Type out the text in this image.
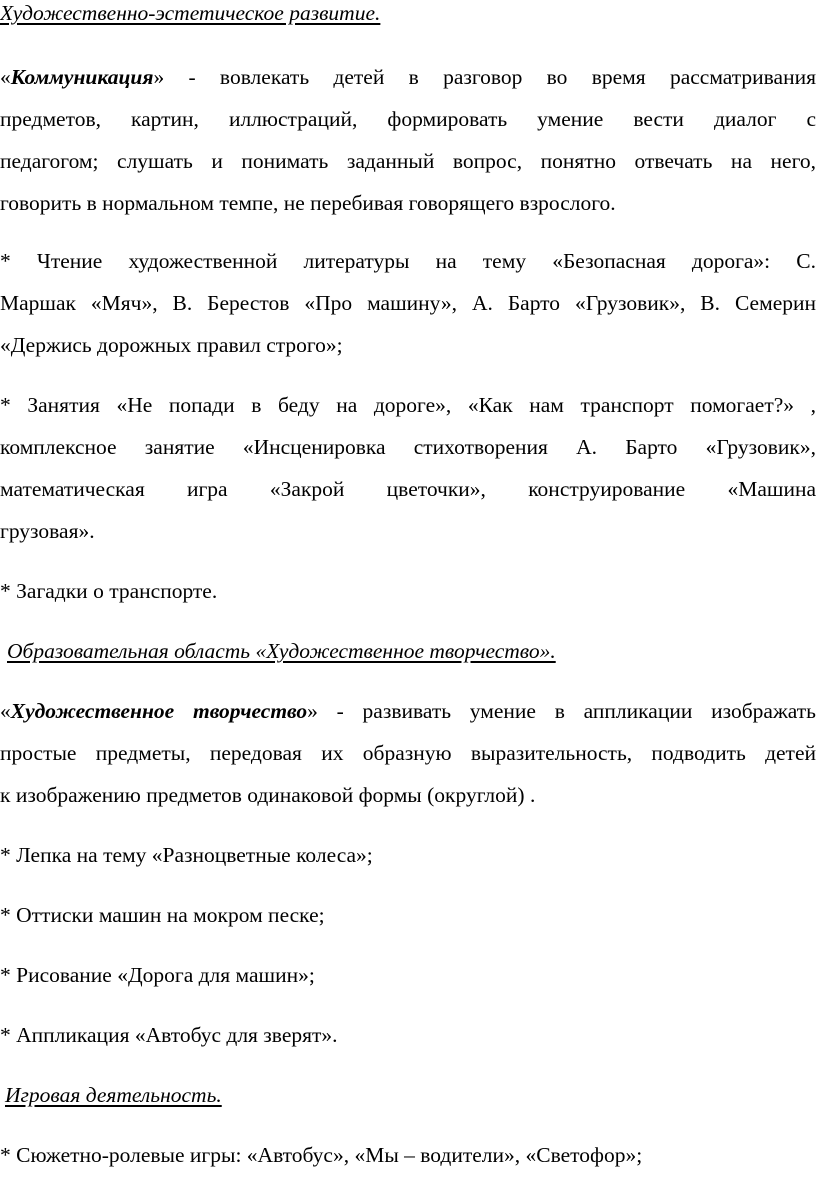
Художественно-эстетическое развитие.
«Коммуникация» - вовлекать детей в разговор во время рассматривания
предметов, картин, иллюстраций, формировать умение вести диалог с
педагогом; слушать и понимать заданный вопрос, понятно отвечать на него,
говорить в нормальном темпе, не перебивая говорящего взрослого.
* Чтение художественной литературы на тему «Безопасная дорога»: С.
Маршак «Мяч», В. Берестов «Про машину», А. Барто «Грузовик», В. Семерин
«Держись дорожных правил строго»;
* Занятия «Не попади в беду на дороге», «Как нам транспорт помогает?» ,
комплексное занятие «Инсценировка стихотворения А. Барто «Грузовик»,
математическая игра «Закрой цветочки», конструирование «Машина
грузовая».
* Загадки о транспорте.
Образовательная область «Художественное творчество».
«Художественное творчество» - развивать умение в аппликации изображать
простые предметы, передовая их образную выразительность, подводить детей
к изображению предметов одинаковой формы (округлой) .
* Лепка на тему «Разноцветные колеса»;
* Оттиски машин на мокром песке;
* Рисование «Дорога для машин»;
* Аппликация «Автобус для зверят».
Игровая деятельность.
* Сюжетно-ролевые игры: «Автобус», «Мы – водители», «Светофор»;
